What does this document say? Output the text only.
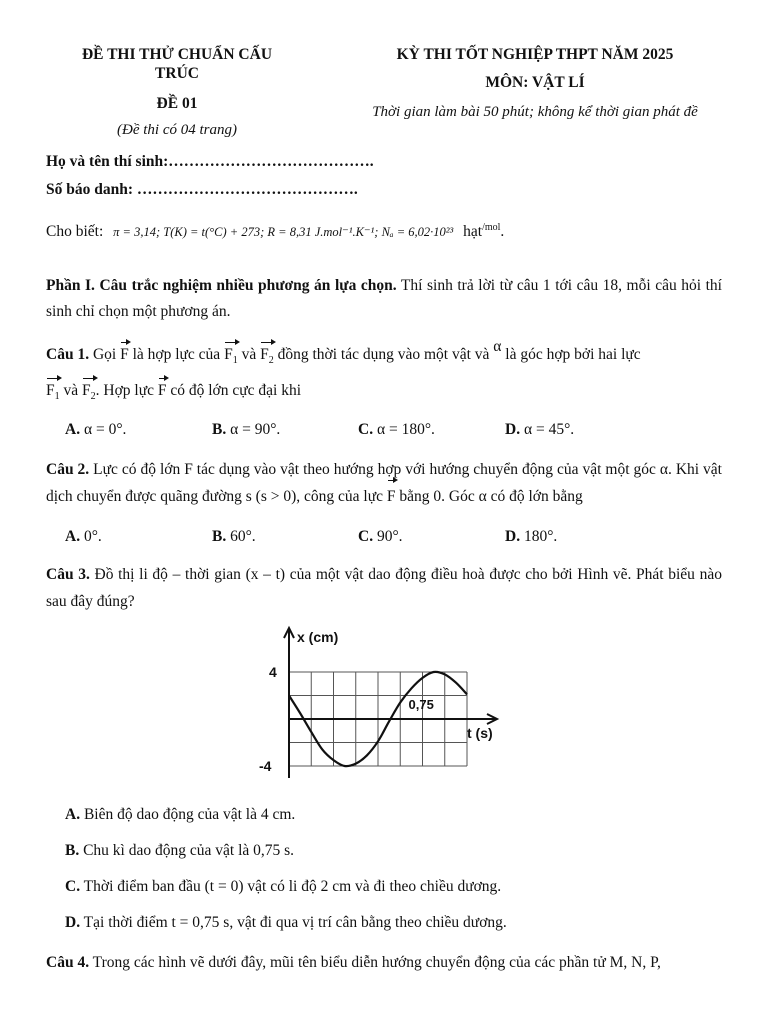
ĐỀ THI THỬ CHUẨN CẤU TRÚC
ĐỀ 01
(Đề thi có 04 trang)
KỲ THI TỐT NGHIỆP THPT NĂM 2025
MÔN: VẬT LÍ
Thời gian làm bài 50 phút; không kể thời gian phát đề
Họ và tên thí sinh:………………………………….
Số báo danh: …………………………………….
Cho biết: π = 3,14; T(K) = t(°C) + 273; R = 8,31 J.mol⁻¹.K⁻¹; Nₐ = 6,02·10²³ hạt$^{/mol}$.
Phần I. Câu trắc nghiệm nhiều phương án lựa chọn. Thí sinh trả lời từ câu 1 tới câu 18, mỗi câu hỏi thí sinh chỉ chọn một phương án.
Câu 1. Gọi F là hợp lực của $F_1$ và $F_2$ đồng thời tác dụng vào một vật và α là góc hợp bởi hai lực
$F_1$ và $F_2$. Hợp lực F có độ lớn cực đại khi
A. α = 0°.	B. α = 90°.	C. α = 180°.	D. α = 45°.
Câu 2. Lực có độ lớn F tác dụng vào vật theo hướng hợp với hướng chuyển động của vật một góc α. Khi vật dịch chuyển được quãng đường s (s > 0), công của lực F bằng 0. Góc α có độ lớn bằng
A. 0°.	B. 60°.	C. 90°.	D. 180°.
Câu 3. Đồ thị li độ – thời gian (x – t) của một vật dao động điều hoà được cho bởi Hình vẽ. Phát biểu nào sau đây đúng?
x (cm)
t (s)
4
-4
0,75
A. Biên độ dao động của vật là 4 cm.
B. Chu kì dao động của vật là 0,75 s.
C. Thời điểm ban đầu (t = 0) vật có li độ 2 cm và đi theo chiều dương.
D. Tại thời điểm t = 0,75 s, vật đi qua vị trí cân bằng theo chiều dương.
Câu 4. Trong các hình vẽ dưới đây, mũi tên biểu diễn hướng chuyển động của các phần tử M, N, P,
